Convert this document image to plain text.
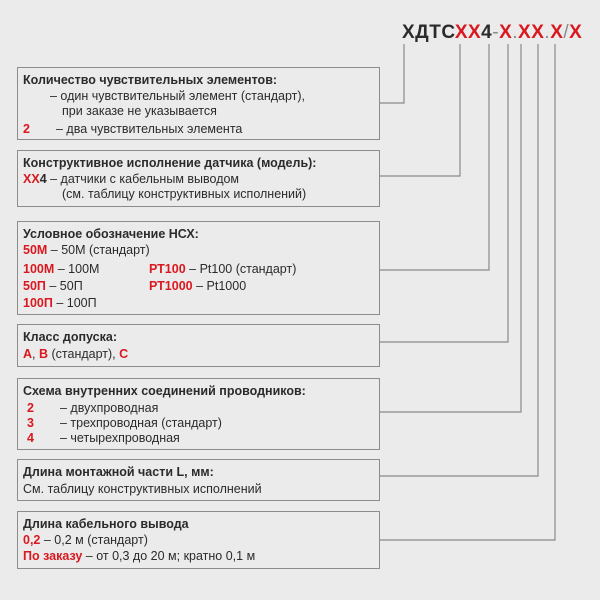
ХДТСХХ4-Х.ХХ.Х/Х
Количество чувствительных элементов:
– один чувствительный элемент (стандарт),
при заказе не указывается
2 – два чувствительных элемента
Конструктивное исполнение датчика (модель):
ХХ4 – датчики с кабельным выводом
(см. таблицу конструктивных исполнений)
Условное обозначение НСХ:
50М – 50М (стандарт)
100М – 100М
50П – 50П
100П – 100П
РТ100 – Pt100 (стандарт)
РТ1000 – Pt1000
Класс допуска:
А, В (стандарт), С
Схема внутренних соединений проводников:
2 – двухпроводная
3 – трехпроводная (стандарт)
4 – четырехпроводная
Длина монтажной части L, мм:
См. таблицу конструктивных исполнений
Длина кабельного вывода
0,2 – 0,2 м (стандарт)
По заказу – от 0,3 до 20 м; кратно 0,1 м
